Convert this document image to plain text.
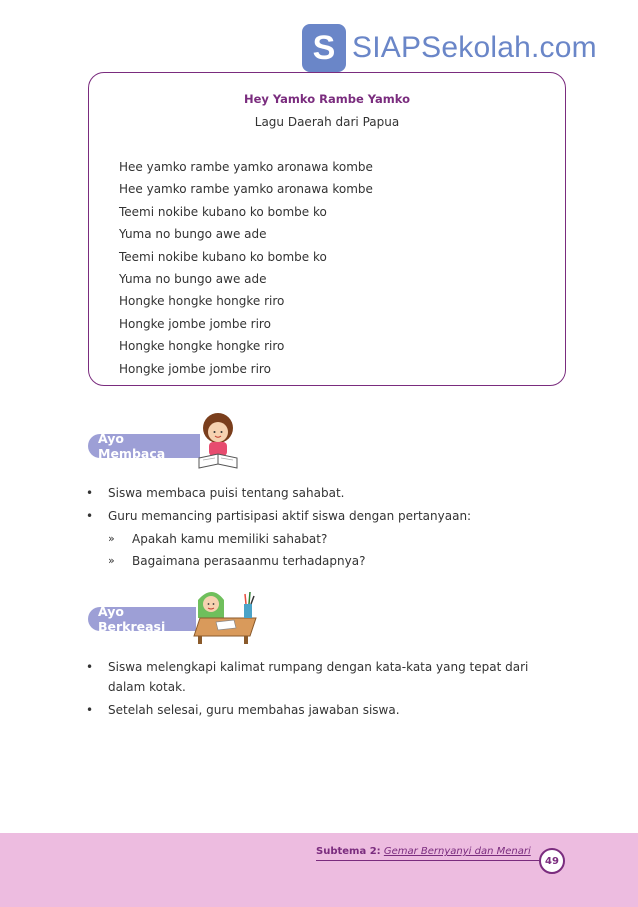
S SIAPSekolah.com
Hey Yamko Rambe Yamko
Lagu Daerah dari Papua
Hee yamko rambe yamko aronawa kombe
Hee yamko rambe yamko aronawa kombe
Teemi nokibe kubano ko bombe ko
Yuma no bungo awe ade
Teemi nokibe kubano ko bombe ko
Yuma no bungo awe ade
Hongke hongke hongke riro
Hongke jombe jombe riro
Hongke hongke hongke riro
Hongke jombe jombe riro
Ayo Membaca
• Siswa membaca puisi tentang sahabat.
• Guru memancing partisipasi aktif siswa dengan pertanyaan:
» Apakah kamu memiliki sahabat?
» Bagaimana perasaanmu terhadapnya?
Ayo Berkreasi
• Siswa melengkapi kalimat rumpang dengan kata-kata yang tepat dari dalam kotak.
• Setelah selesai, guru membahas jawaban siswa.
Subtema 2: Gemar Bernyanyi dan Menari
49
